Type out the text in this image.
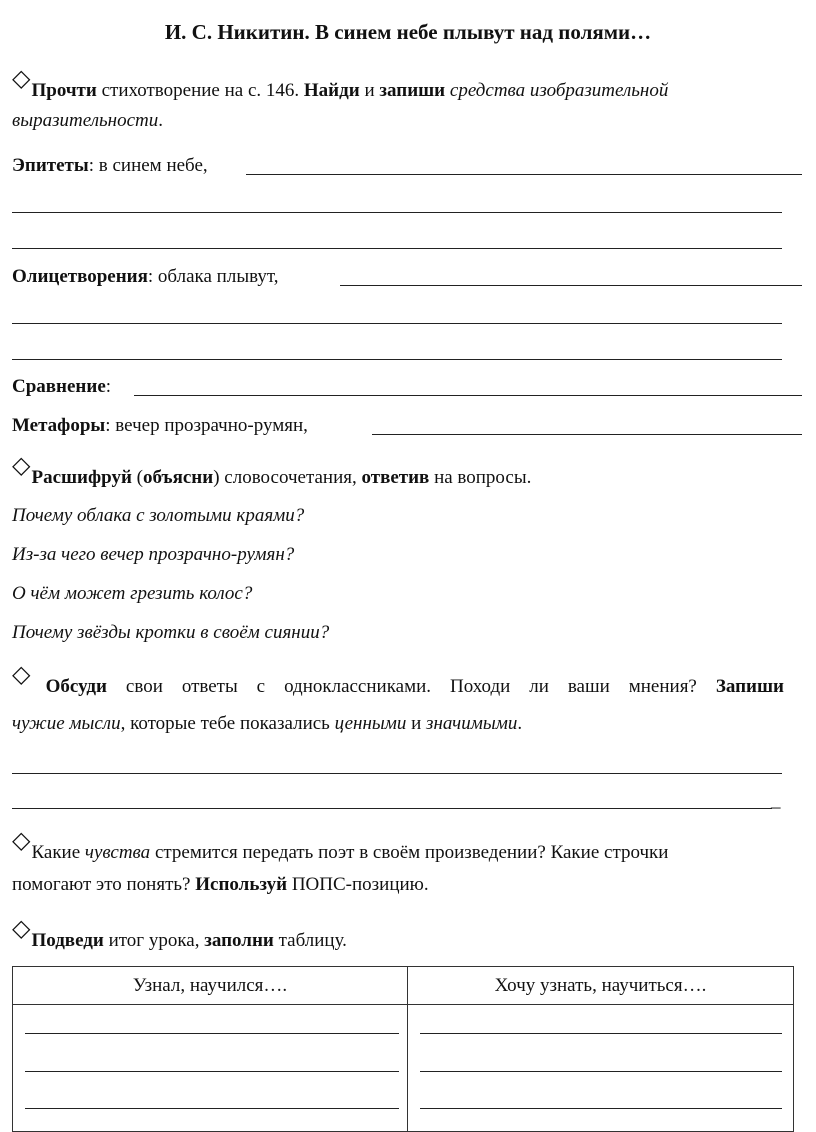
И. С. Никитин. В синем небе плывут над полями…
◇Прочти стихотворение на с. 146. Найди и запиши средства изобразительной
выразительности.
Эпитеты: в синем небе,
Олицетворения: облака плывут,
Сравнение:
Метафоры: вечер прозрачно-румян,
◇Расшифруй (объясни) словосочетания, ответив на вопросы.
Почему облака с золотыми краями?
Из-за чего вечер прозрачно-румян?
О чём может грезить колос?
Почему звёзды кротки в своём сиянии?
◇Обсуди свои ответы с одноклассниками. Походи ли ваши мнения? Запиши
чужие мысли, которые тебе показались ценными и значимыми.
_
◇Какие чувства стремится передать поэт в своём произведении? Какие строчки
помогают это понять? Используй ПОПС-позицию.
◇Подведи итог урока, заполни таблицу.
Узнал, научился….	Хочу узнать, научиться….
